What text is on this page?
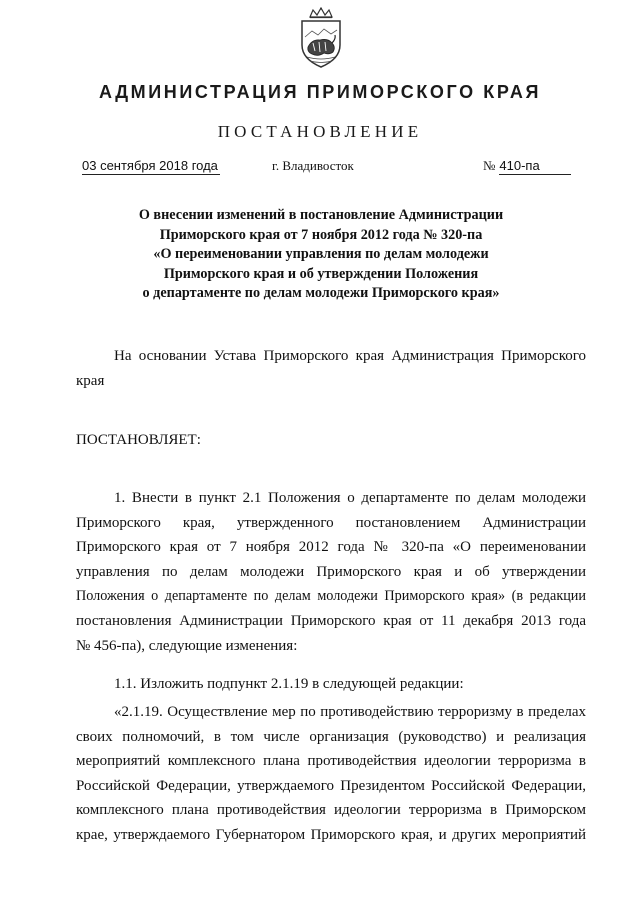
АДМИНИСТРАЦИЯ ПРИМОРСКОГО КРАЯ
ПОСТАНОВЛЕНИЕ
03 сентября 2018 года	г. Владивосток	№ 410-па
О внесении изменений в постановление Администрации
Приморского края от 7 ноября 2012 года № 320-па
«О переименовании управления по делам молодежи
Приморского края и об утверждении Положения
о департаменте по делам молодежи Приморского края»
На основании Устава Приморского края Администрация Приморского
края
ПОСТАНОВЛЯЕТ:
1. Внести в пункт 2.1 Положения о департаменте по делам молодежи
Приморского края, утвержденного постановлением Администрации
Приморского края от 7 ноября 2012 года № 320-па «О переименовании
управления по делам молодежи Приморского края и об утверждении
Положения о департаменте по делам молодежи Приморского края» (в редакции
постановления Администрации Приморского края от 11 декабря 2013 года
№ 456-па), следующие изменения:
1.1. Изложить подпункт 2.1.19 в следующей редакции:
«2.1.19. Осуществление мер по противодействию терроризму в пределах
своих полномочий, в том числе организация (руководство) и реализация
мероприятий комплексного плана противодействия идеологии терроризма в
Российской Федерации, утверждаемого Президентом Российской Федерации,
комплексного плана противодействия идеологии терроризма в Приморском
крае, утверждаемого Губернатором Приморского края, и других мероприятий
